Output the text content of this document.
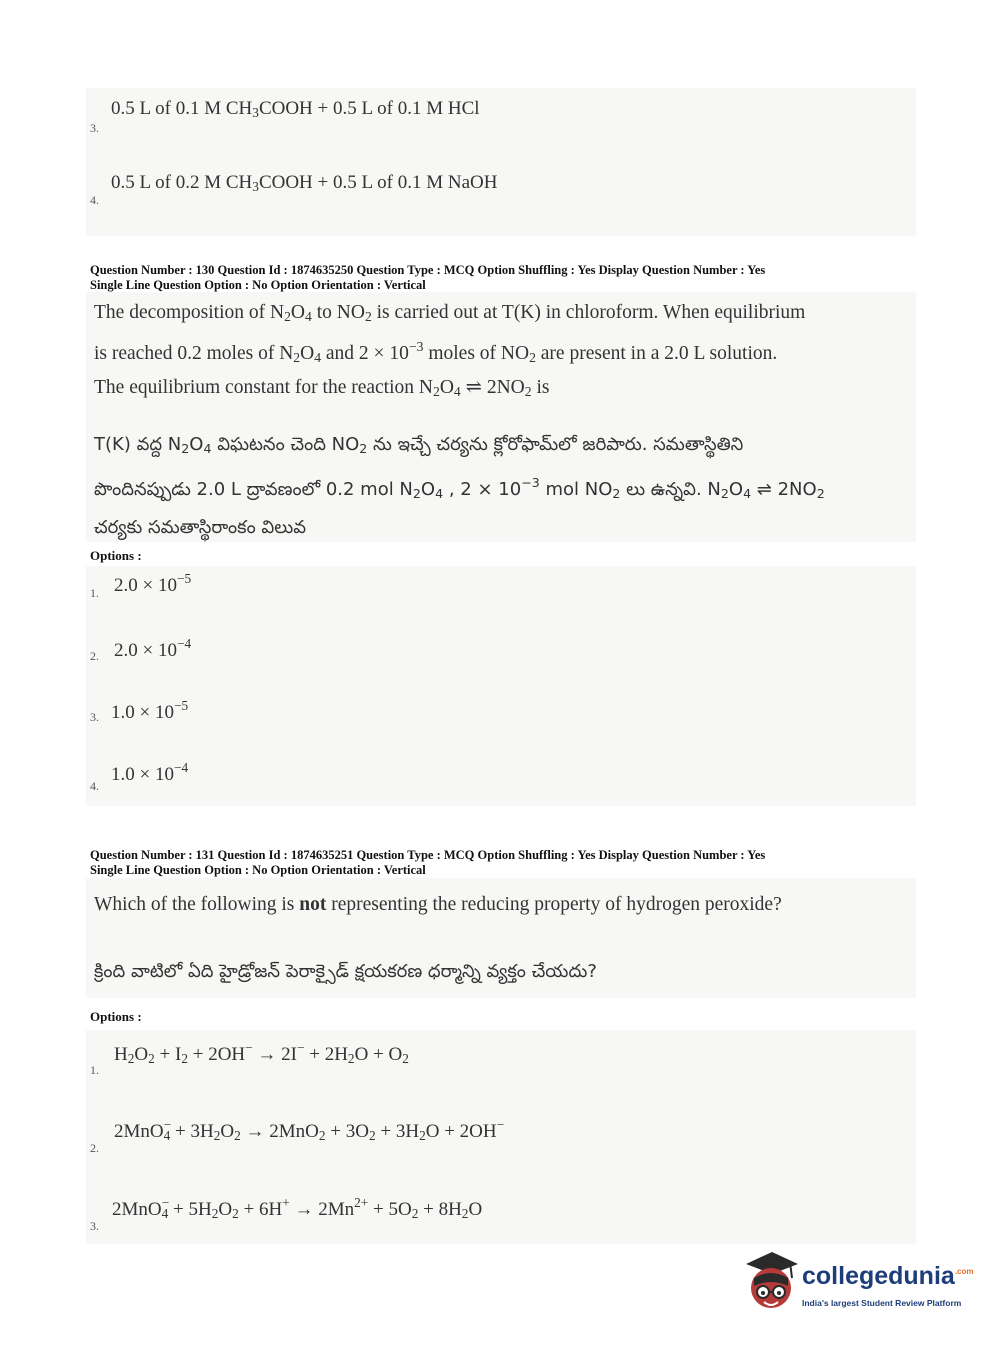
3.
0.5 L of 0.1 M $CH_3COOH + 0.5$ L of 0.1 M HCl
4.
0.5 L of 0.2 M $CH_3COOH + 0.5$ L of 0.1 M NaOH
Question Number : 130 Question Id : 1874635250 Question Type : MCQ Option Shuffling : Yes Display Question Number : Yes
Single Line Question Option : No Option Orientation : Vertical
The decomposition of $N_2O_4$ to $NO_2$ is carried out at T(K) in chloroform. When equilibrium
is reached 0.2 moles of $N_2O_4$ and $2 \times 10^{-3}$ moles of $NO_2$ are present in a 2.0 L solution.
The equilibrium constant for the reaction $N_2O_4$ ⇌ $2NO_2$ is
T(K) వద్ద $N_2O_4$ విఘటనం చెంది $NO_2$ ను ఇచ్చే చర్యను క్లోరోఫామ్‌లో జరిపారు. సమతాస్థితిని
పొందినప్పుడు 2.0 L ద్రావణంలో 0.2 mol $N_2O_4$ , $2 \times 10^{-3}$ mol $NO_2$ లు ఉన్నవి. $N_2O_4$ ⇌ $2NO_2$
చర్యకు సమతాస్థిరాంకం విలువ
Options :
1. $2.0 \times 10^{-5}$
2. $2.0 \times 10^{-4}$
3. $1.0 \times 10^{-5}$
4.
$1.0 \times 10^{-4}$
Question Number : 131 Question Id : 1874635251 Question Type : MCQ Option Shuffling : Yes Display Question Number : Yes
Single Line Question Option : No Option Orientation : Vertical
Which of the following is not representing the reducing property of hydrogen peroxide?
క్రింది వాటిలో ఏది హైడ్రోజన్ పెరాక్సైడ్ క్షయకరణ ధర్మాన్ని వ్యక్తం చేయదు?
Options :
1.
$H_2O_2 + I_2 + 2OH^- \to 2I^- + 2H_2O + O_2$
2.
2MnO$_4$
− + $3H_2O_2 \to 2MnO_2 + 3O_2 + 3H_2O + 2OH^-$
3.
2MnO$_4$
− + $5H_2O_2 + 6H^+ \to 2Mn^{2+} + 5O_2 + 8H_2O$
collegedunia$^{.com}$
India's largest Student Review Platform
